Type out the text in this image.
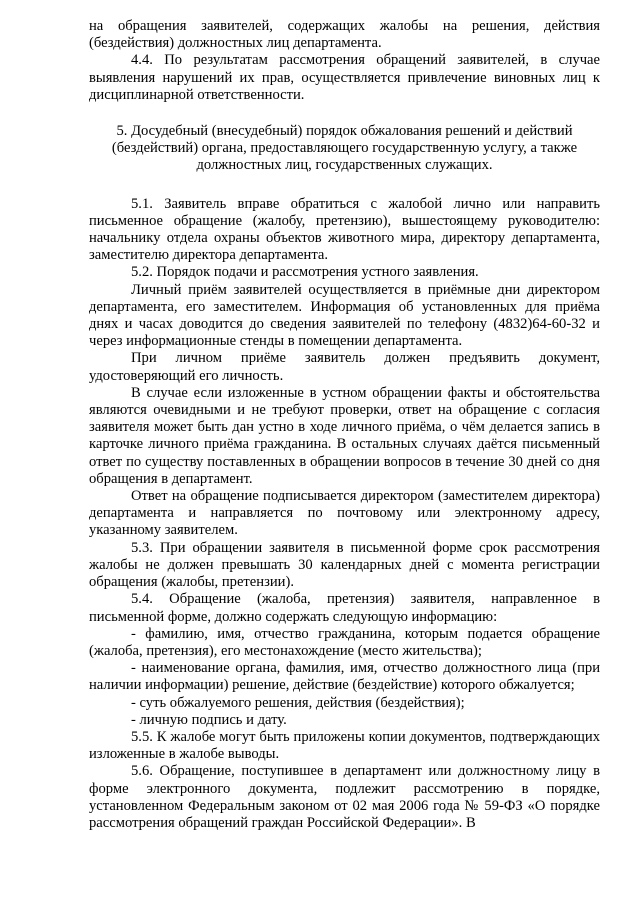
на обращения заявителей, содержащих жалобы на решения, действия (бездействия) должностных лиц департамента.

4.4. По результатам рассмотрения обращений заявителей, в случае выявления нарушений их прав, осуществляется привлечение виновных лиц к дисциплинарной ответственности.

5. Досудебный (внесудебный) порядок обжалования решений и действий (бездействий) органа, предоставляющего государственную услугу, а также должностных лиц, государственных служащих.

5.1. Заявитель вправе обратиться с жалобой лично или направить письменное обращение (жалобу, претензию), вышестоящему руководителю: начальнику отдела охраны объектов животного мира, директору департамента, заместителю директора департамента.

5.2. Порядок подачи и рассмотрения устного заявления.

Личный приём заявителей осуществляется в приёмные дни директором департамента, его заместителем. Информация об установленных для приёма днях и часах доводится до сведения заявителей по телефону (4832)64-60-32 и через информационные стенды в помещении департамента.

При личном приёме заявитель должен предъявить документ, удостоверяющий его личность.

В случае если изложенные в устном обращении факты и обстоятельства являются очевидными и не требуют проверки, ответ на обращение с согласия заявителя может быть дан устно в ходе личного приёма, о чём делается запись в карточке личного приёма гражданина. В остальных случаях даётся письменный ответ по существу поставленных в обращении вопросов в течение 30 дней со дня обращения в департамент.

Ответ на обращение подписывается директором (заместителем директора) департамента и направляется по почтовому или электронному адресу, указанному заявителем.

5.3. При обращении заявителя в письменной форме срок рассмотрения жалобы не должен превышать 30 календарных дней с момента регистрации обращения (жалобы, претензии).

5.4. Обращение (жалоба, претензия) заявителя, направленное в письменной форме, должно содержать следующую информацию:

- фамилию, имя, отчество гражданина, которым подается обращение (жалоба, претензия), его местонахождение (место жительства);

- наименование органа, фамилия, имя, отчество должностного лица (при наличии информации) решение, действие (бездействие) которого обжалуется;

- суть обжалуемого решения, действия (бездействия);

- личную подпись и дату.

5.5. К жалобе могут быть приложены копии документов, подтверждающих изложенные в жалобе выводы.

5.6. Обращение, поступившее в департамент или должностному лицу в форме электронного документа, подлежит рассмотрению в порядке, установленном Федеральным законом от 02 мая 2006 года № 59-ФЗ «О порядке рассмотрения обращений граждан Российской Федерации». В
